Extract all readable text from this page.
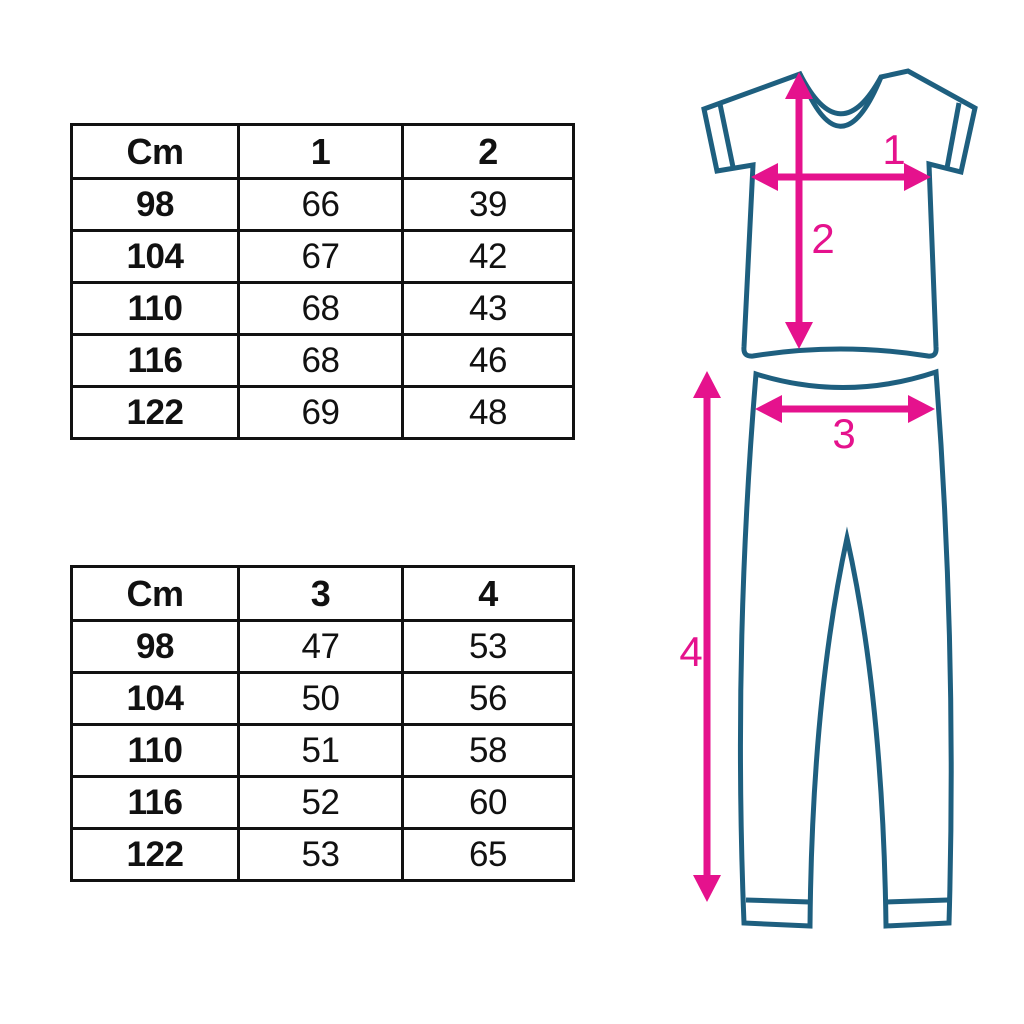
Cm	1	2
98	66	39
104	67	42
110	68	43
116	68	46
122	69	48
Cm	3	4
98	47	53
104	50	56
110	51	58
116	52	60
122	53	65
1
2
3
4
